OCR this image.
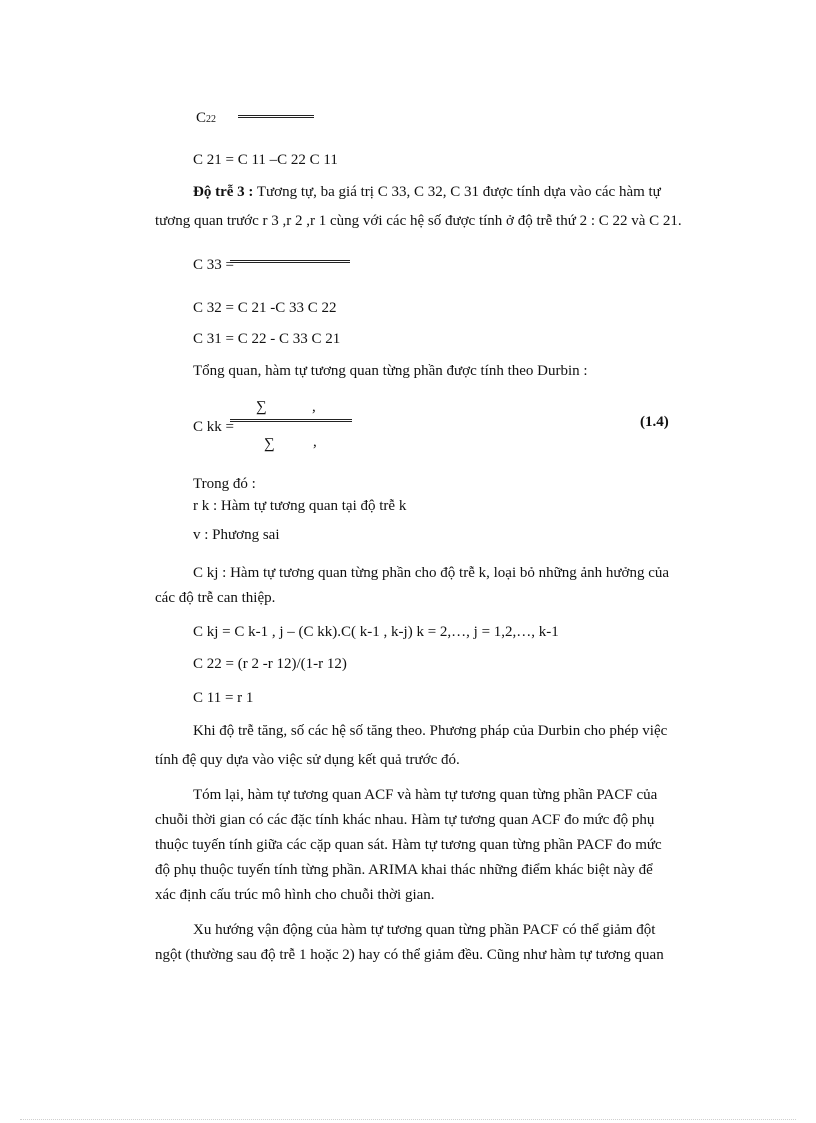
C22
C 21 = C 11 –C 22 C 11
Độ trễ 3 : Tương tự, ba giá trị C 33, C 32, C 31 được tính dựa vào các hàm tự
tương quan trước r 3 ,r 2 ,r 1 cùng với các hệ số được tính ở độ trễ thứ 2 : C 22 và C 21.
C 33 =
C 32 = C 21 -C 33 C 22
C 31 = C 22 - C 33 C 21
Tổng quan, hàm tự tương quan từng phần được tính theo Durbin :
∑	,
C kk =
∑	,
(1.4)
Trong đó :
r k : Hàm tự tương quan tại độ trễ k
v : Phương sai
C kj : Hàm tự tương quan từng phần cho độ trễ k, loại bỏ những ảnh hưởng của
các độ trễ can thiệp.
C kj = C k-1 , j – (C kk).C( k-1 , k-j) k = 2,…, j = 1,2,…, k-1
C 22 = (r 2 -r 12)/(1-r 12)
C 11 = r 1
Khi độ trễ tăng, số các hệ số tăng theo. Phương pháp của Durbin cho phép việc
tính đệ quy dựa vào việc sử dụng kết quả trước đó.
Tóm lại, hàm tự tương quan ACF và hàm tự tương quan từng phần PACF của
chuỗi thời gian có các đặc tính khác nhau. Hàm tự tương quan ACF đo mức độ phụ
thuộc tuyến tính giữa các cặp quan sát. Hàm tự tương quan từng phần PACF đo mức
độ phụ thuộc tuyến tính từng phần. ARIMA khai thác những điểm khác biệt này để
xác định cấu trúc mô hình cho chuỗi thời gian.
Xu hướng vận động của hàm tự tương quan từng phần PACF có thể giảm đột
ngột (thường sau độ trễ 1 hoặc 2) hay có thể giảm đều. Cũng như hàm tự tương quan
